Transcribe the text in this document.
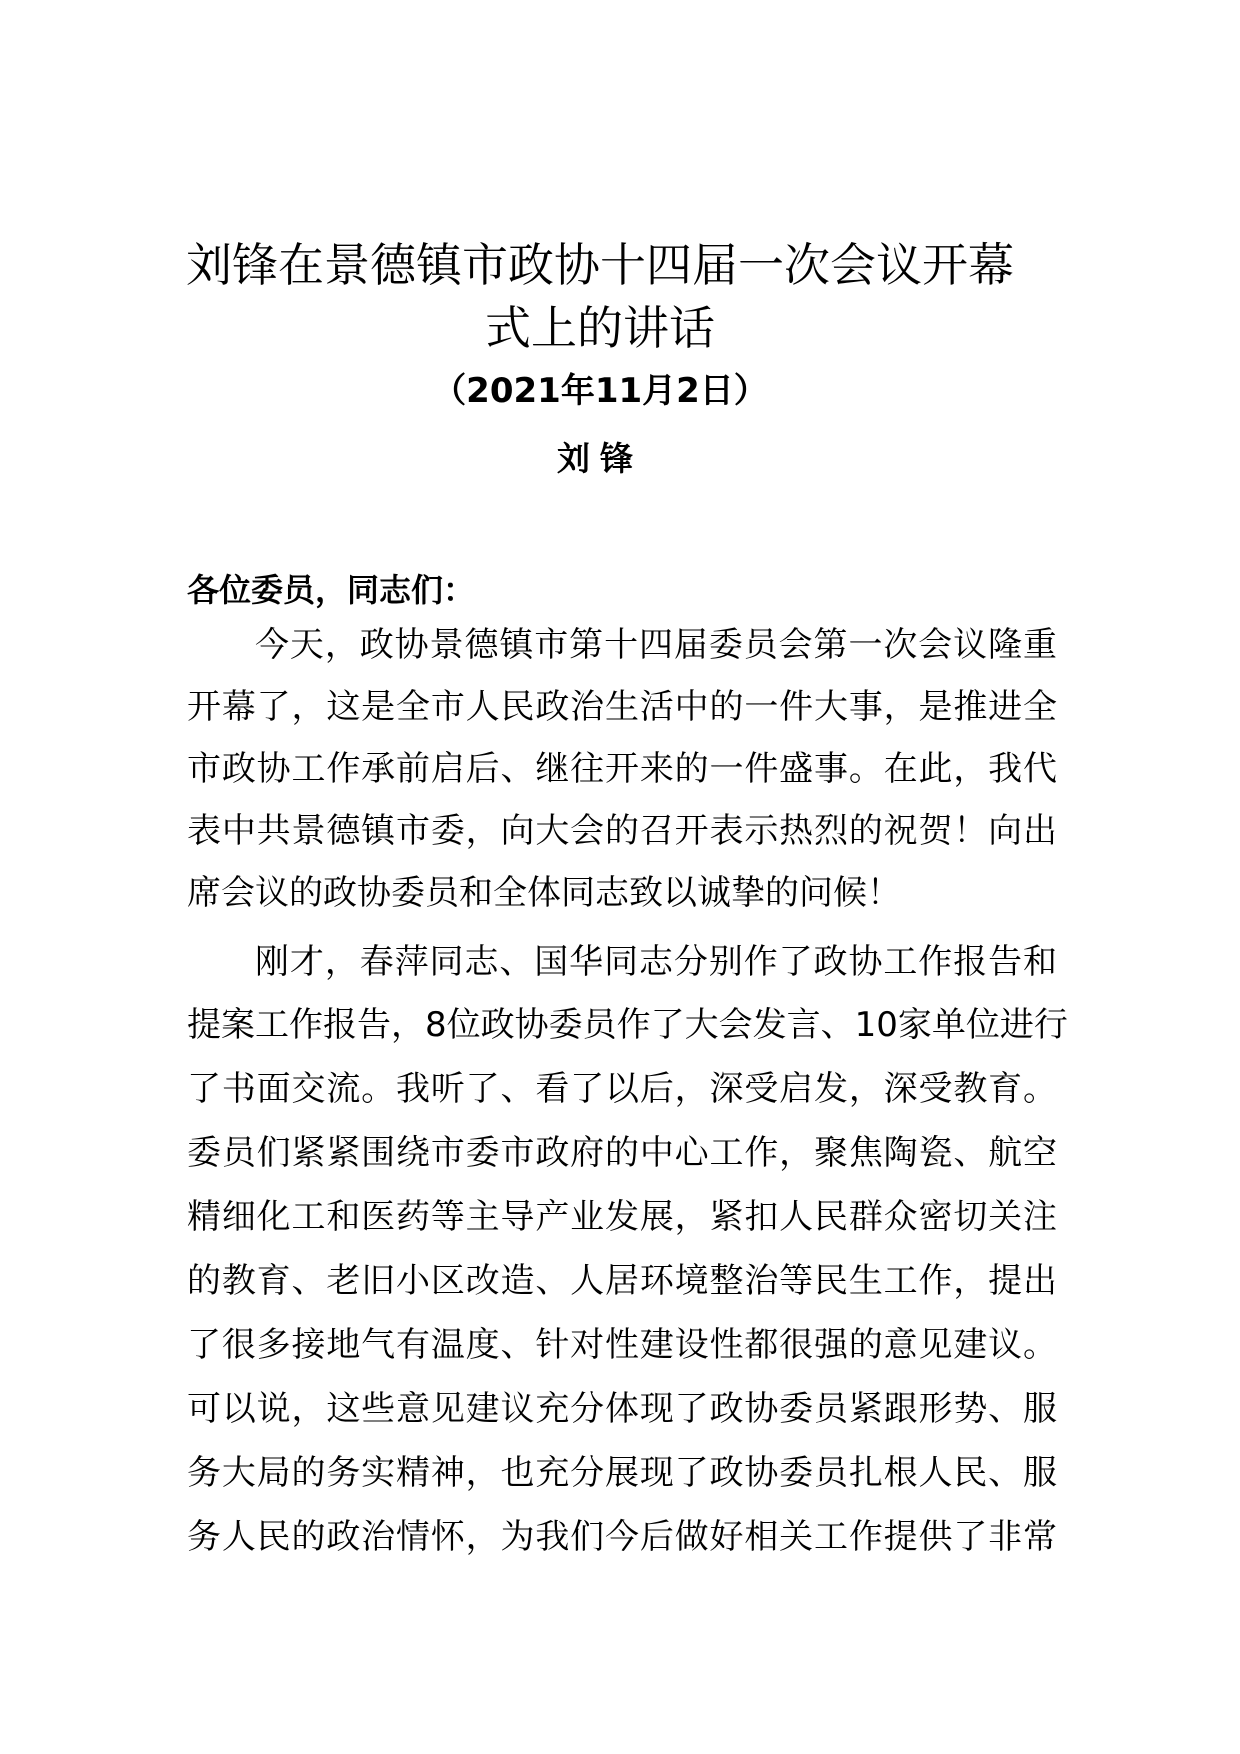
刘锋在景德镇市政协十四届一次会议开幕
式上的讲话
（2021年11月2日）
刘锋
各位委员，同志们：
今天，政协景德镇市第十四届委员会第一次会议隆重
开幕了，这是全市人民政治生活中的一件大事，是推进全
市政协工作承前启后、继往开来的一件盛事。在此，我代
表中共景德镇市委，向大会的召开表示热烈的祝贺！向出
席会议的政协委员和全体同志致以诚挚的问候！
刚才，春萍同志、国华同志分别作了政协工作报告和
提案工作报告，8位政协委员作了大会发言、10家单位进行
了书面交流。我听了、看了以后，深受启发，深受教育。
委员们紧紧围绕市委市政府的中心工作，聚焦陶瓷、航空
精细化工和医药等主导产业发展，紧扣人民群众密切关注
的教育、老旧小区改造、人居环境整治等民生工作，提出
了很多接地气有温度、针对性建设性都很强的意见建议。
可以说，这些意见建议充分体现了政协委员紧跟形势、服
务大局的务实精神，也充分展现了政协委员扎根人民、服
务人民的政治情怀，为我们今后做好相关工作提供了非常
